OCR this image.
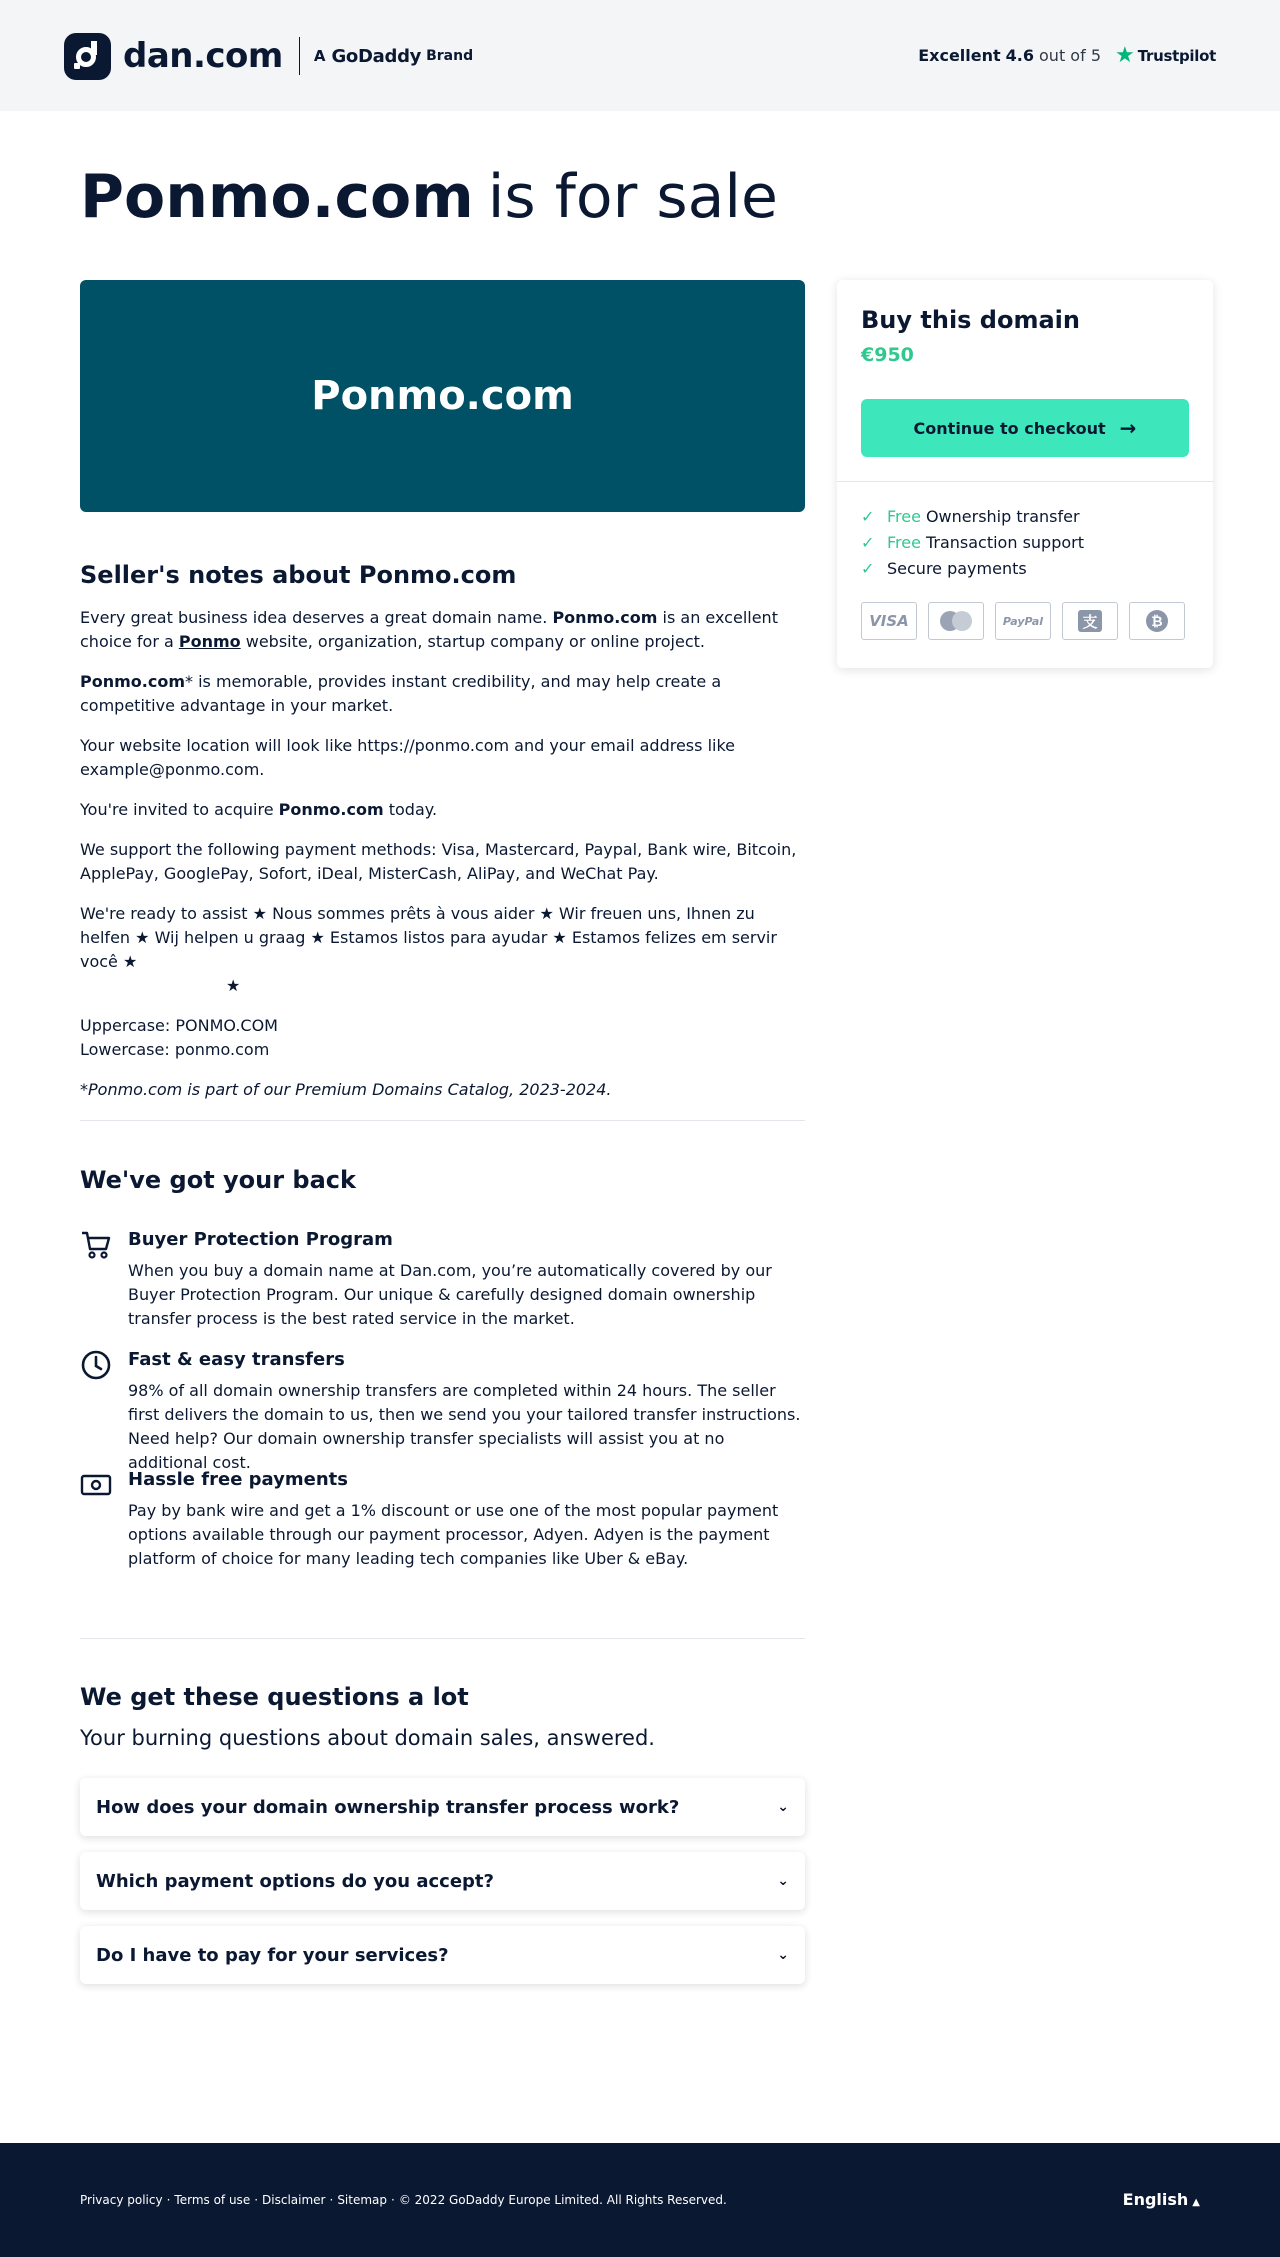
dan.com A GoDaddy Brand	Excellent 4.6 out of 5 ★ Trustpilot
Ponmo.com is for sale
Ponmo.com
Buy this domain
€950
Continue to checkout →
✓ Free Ownership transfer
✓ Free Transaction support
✓ Secure payments
VISA	PayPal	支	₿
Seller's notes about Ponmo.com

Every great business idea deserves a great domain name. Ponmo.com is an excellent choice for a Ponmo website, organization, startup company or online project.

Ponmo.com* is memorable, provides instant credibility, and may help create a competitive advantage in your market.

Your website location will look like https://ponmo.com and your email address like example@ponmo.com.

You're invited to acquire Ponmo.com today.

We support the following payment methods: Visa, Mastercard, Paypal, Bank wire, Bitcoin, ApplePay, GooglePay, Sofort, iDeal, MisterCash, AliPay, and WeChat Pay.

We're ready to assist ★ Nous sommes prêts à vous aider ★ Wir freuen uns, Ihnen zu helfen ★ Wij helpen u graag ★ Estamos listos para ayudar ★ Estamos felizes em servir você ★
★

Uppercase: PONMO.COM
Lowercase: ponmo.com

*Ponmo.com is part of our Premium Domains Catalog, 2023-2024.

We've got your back
Buyer Protection Program
When you buy a domain name at Dan.com, you’re automatically covered by our Buyer Protection Program. Our unique & carefully designed domain ownership transfer process is the best rated service in the market.
Fast & easy transfers
98% of all domain ownership transfers are completed within 24 hours. The seller first delivers the domain to us, then we send you your tailored transfer instructions. Need help? Our domain ownership transfer specialists will assist you at no additional cost.
Hassle free payments
Pay by bank wire and get a 1% discount or use one of the most popular payment options available through our payment processor, Adyen. Adyen is the payment platform of choice for many leading tech companies like Uber & eBay.
We get these questions a lot
Your burning questions about domain sales, answered.
How does your domain ownership transfer process work?	⌄
Which payment options do you accept?	⌄
Do I have to pay for your services?	⌄
Privacy policy · Terms of use · Disclaimer · Sitemap · © 2022 GoDaddy Europe Limited. All Rights Reserved.	English ▲
